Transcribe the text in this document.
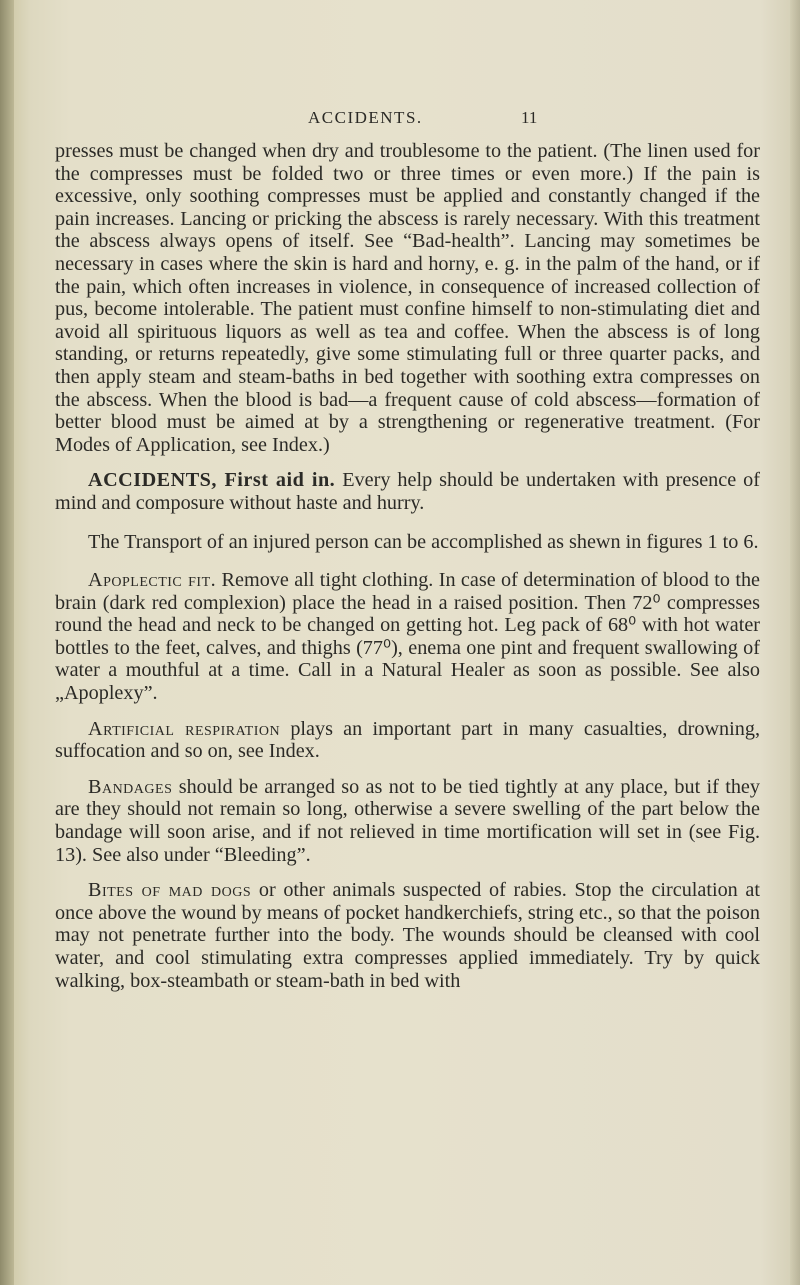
ACCIDENTS.	11

presses must be changed when dry and troublesome to the patient. (The linen used for the compresses must be folded two or three times or even more.) If the pain is excessive, only soothing compresses must be applied and constantly changed if the pain increases. Lancing or pricking the abscess is rarely necessary. With this treatment the abscess always opens of itself. See “Bad-health”. Lancing may sometimes be necessary in cases where the skin is hard and horny, e. g. in the palm of the hand, or if the pain, which often increases in violence, in consequence of increased collection of pus, become intolerable. The patient must confine himself to non-stimulating diet and avoid all spirituous liquors as well as tea and coffee. When the abscess is of long standing, or returns repeatedly, give some stimulating full or three quarter packs, and then apply steam and steam-baths in bed together with soothing extra compresses on the abscess. When the blood is bad—a frequent cause of cold abscess—formation of better blood must be aimed at by a strengthening or regenerative treatment. (For Modes of Application, see Index.)

ACCIDENTS, First aid in. Every help should be undertaken with presence of mind and composure without haste and hurry.

The Transport of an injured person can be accomplished as shewn in figures 1 to 6.

Apoplectic fit. Remove all tight clothing. In case of determination of blood to the brain (dark red complexion) place the head in a raised position. Then 72⁰ compresses round the head and neck to be changed on getting hot. Leg pack of 68⁰ with hot water bottles to the feet, calves, and thighs (77⁰), enema one pint and frequent swallowing of water a mouthful at a time. Call in a Natural Healer as soon as possible. See also „Apoplexy”.

Artificial respiration plays an important part in many casualties, drowning, suffocation and so on, see Index.

Bandages should be arranged so as not to be tied tightly at any place, but if they are they should not remain so long, otherwise a severe swelling of the part below the bandage will soon arise, and if not relieved in time mortification will set in (see Fig. 13). See also under “Bleeding”.

Bites of mad dogs or other animals suspected of rabies. Stop the circulation at once above the wound by means of pocket handkerchiefs, string etc., so that the poison may not penetrate further into the body. The wounds should be cleansed with cool water, and cool stimulating extra compresses applied immediately. Try by quick walking, box-steambath or steam-bath in bed with
